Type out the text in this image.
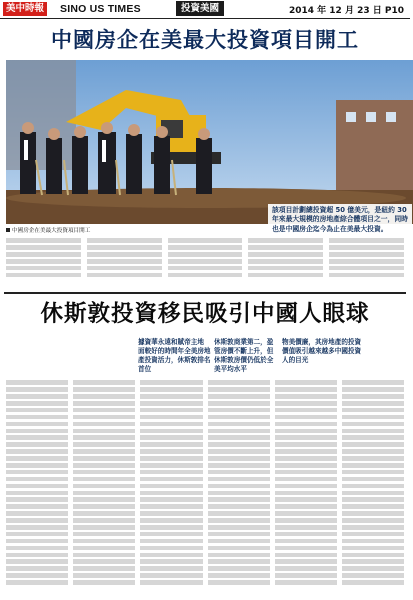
美中時報 SINO US TIMES	投資美國	2014 年 12 月 23 日 P10
中國房企在美最大投資項目開工
該項目計劃總投資超 50 億美元，是紐約 30 年來最大規模的房地產綜合體項目之一，同時也是中國房企迄今為止在美最大投資。
中國房企在美最大投資項目開工
休斯敦投資移民吸引中國人眼球
據資華永遠和賦帝主地 面較好的時間年全美房地產投資活力，休斯敦排名首位
休斯敦商業第二，盈管房價不斷上升，但休斯敦房價仍低於全美平均水平
物美價廉，其房地產的投資價值吸引越來越多中國投資人的目光
